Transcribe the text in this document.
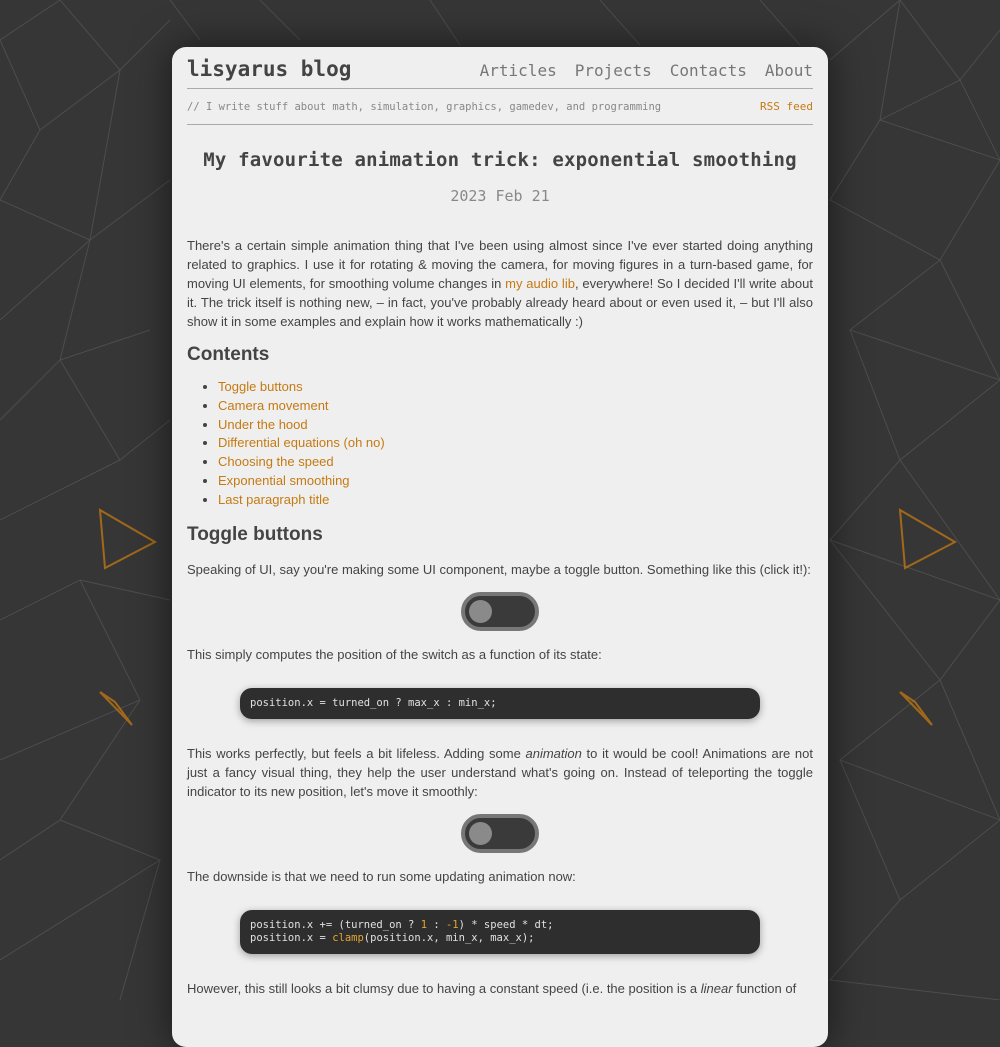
lisyarus blog	Articles Projects Contacts About
// I write stuff about math, simulation, graphics, gamedev, and programming	RSS feed
My favourite animation trick: exponential smoothing
2023 Feb 21

There's a certain simple animation thing that I've been using almost since I've ever started doing anything related to graphics. I use it for rotating & moving the camera, for moving figures in a turn-based game, for moving UI elements, for smoothing volume changes in my audio lib, everywhere! So I decided I'll write about it. The trick itself is nothing new, – in fact, you've probably already heard about or even used it, – but I'll also show it in some examples and explain how it works mathematically :)

Contents
• Toggle buttons
• Camera movement
• Under the hood
• Differential equations (oh no)
• Choosing the speed
• Exponential smoothing
• Last paragraph title
Toggle buttons

Speaking of UI, say you're making some UI component, maybe a toggle button. Something like this (click it!):

This simply computes the position of the switch as a function of its state:

position.x = turned_on ? max_x : min_x;

This works perfectly, but feels a bit lifeless. Adding some animation to it would be cool! Animations are not just a fancy visual thing, they help the user understand what's going on. Instead of teleporting the toggle indicator to its new position, let's move it smoothly:

The downside is that we need to run some updating animation now:

position.x += (turned_on ? 1 : -1) * speed * dt;
position.x = clamp(position.x, min_x, max_x);

However, this still looks a bit clumsy due to having a constant speed (i.e. the position is a linear function of
